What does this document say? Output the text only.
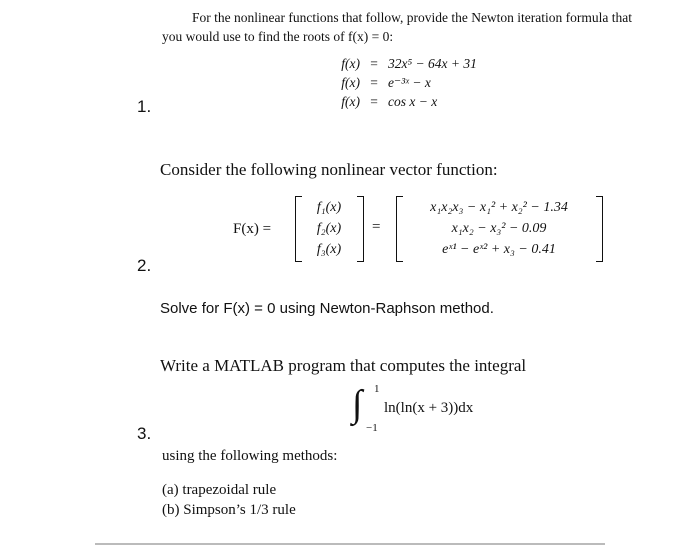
For the nonlinear functions that follow, provide the Newton iteration formula that
you would use to find the roots of f(x) = 0:
f(x) = 32x⁵ − 64x + 31
f(x) = e⁻³ˣ − x
f(x) = cos x − x
1.
Consider the following nonlinear vector function:
F(x) =
f₁(x)
f₂(x)
f₃(x)
=
x₁x₂x₃ − x₁² + x₂² − 1.34
x₁x₂ − x₃² − 0.09
eˣ¹ − eˣ² + x₃ − 0.41
2.
Solve for F(x) = 0 using Newton-Raphson method.
Write a MATLAB program that computes the integral
∫ 1
−1
ln(ln(x + 3))dx
3.
using the following methods:
(a) trapezoidal rule
(b) Simpson’s 1/3 rule
